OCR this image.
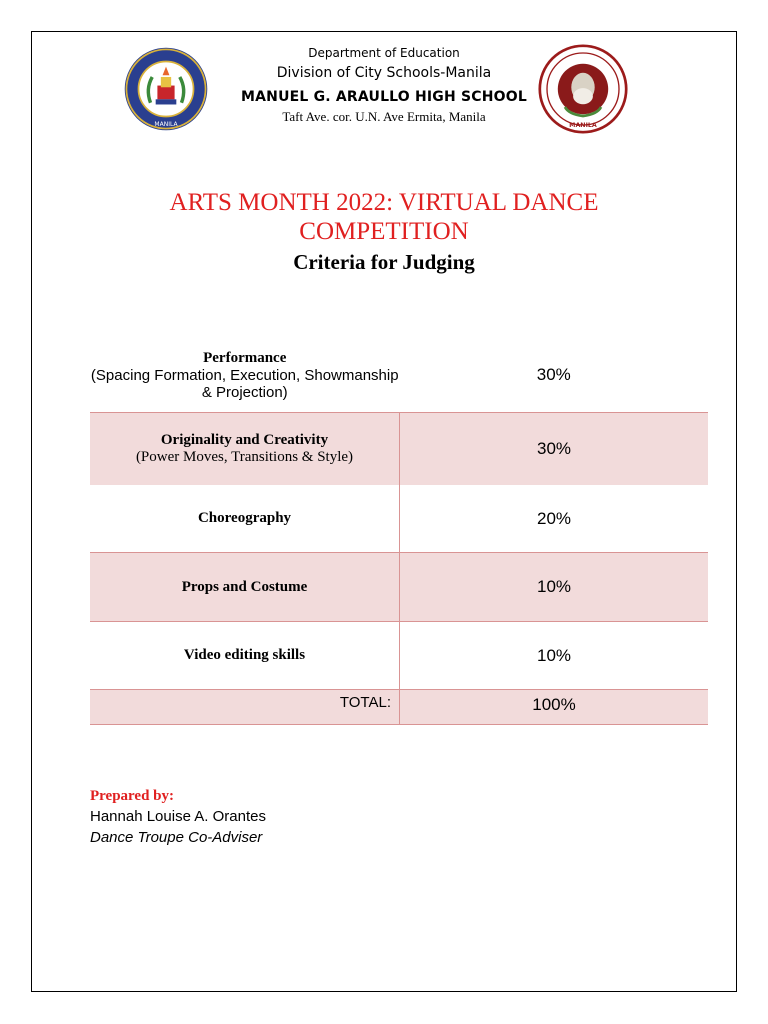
MANILA	MANILA
Department of Education
Division of City Schools-Manila
MANUEL G. ARAULLO HIGH SCHOOL
Taft Ave. cor. U.N. Ave Ermita, Manila
ARTS MONTH 2022: VIRTUAL DANCE COMPETITION
Criteria for Judging
Performance
(Spacing Formation, Execution, Showmanship & Projection)	30%

Originality and Creativity
(Power Moves, Transitions & Style)	30%

Choreography	20%

Props and Costume	10%

Video editing skills	10%

TOTAL:	100%
Prepared by:
Hannah Louise A. Orantes
Dance Troupe Co-Adviser
